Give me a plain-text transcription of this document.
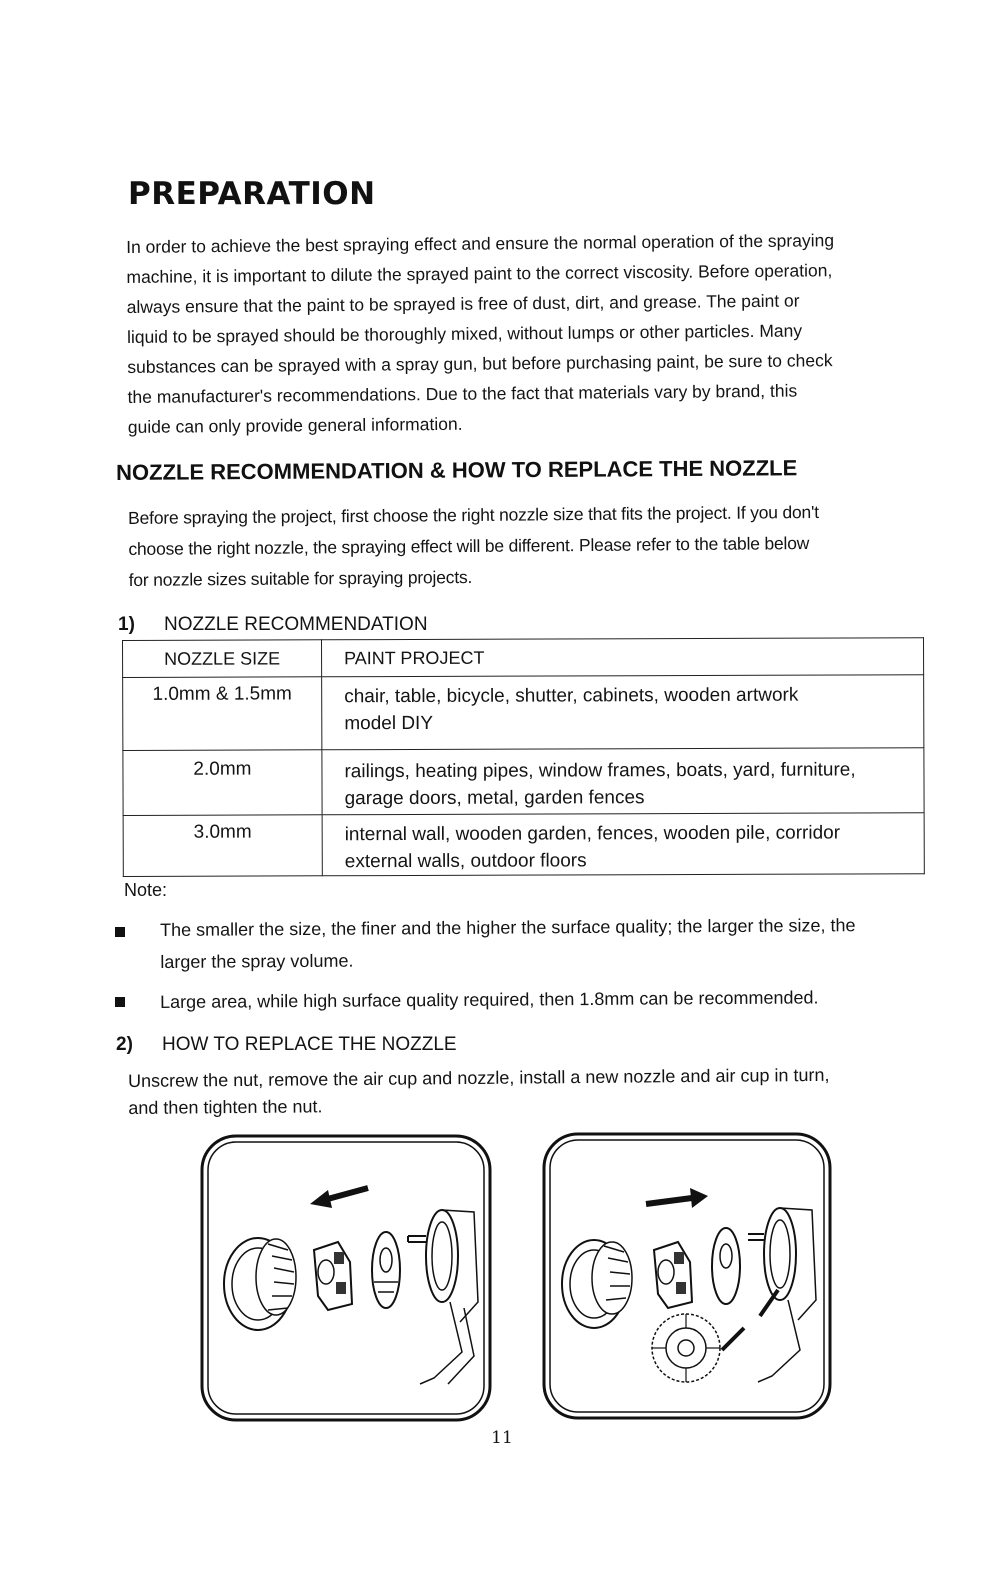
PREPARATION
In order to achieve the best spraying effect and ensure the normal operation of the spraying
machine, it is important to dilute the sprayed paint to the correct viscosity. Before operation,
always ensure that the paint to be sprayed is free of dust, dirt, and grease. The paint or
liquid to be sprayed should be thoroughly mixed, without lumps or other particles. Many
substances can be sprayed with a spray gun, but before purchasing paint, be sure to check
the manufacturer's recommendations. Due to the fact that materials vary by brand, this
guide can only provide general information.
NOZZLE RECOMMENDATION & HOW TO REPLACE THE NOZZLE
Before spraying the project, first choose the right nozzle size that fits the project. If you don't
choose the right nozzle, the spraying effect will be different. Please refer to the table below
for nozzle sizes suitable for spraying projects.
1) NOZZLE RECOMMENDATION
NOZZLE SIZE	PAINT PROJECT
1.0mm & 1.5mm	chair, table, bicycle, shutter, cabinets, wooden artwork
model DIY

2.0mm	railings, heating pipes, window frames, boats, yard, furniture,
garage doors, metal, garden fences

3.0mm	internal wall, wooden garden, fences, wooden pile, corridor
external walls, outdoor floors
Note:
The smaller the size, the finer and the higher the surface quality; the larger the size, the
larger the spray volume.
Large area, while high surface quality required, then 1.8mm can be recommended.
2) HOW TO REPLACE THE NOZZLE
Unscrew the nut, remove the air cup and nozzle, install a new nozzle and air cup in turn,
and then tighten the nut.
11
